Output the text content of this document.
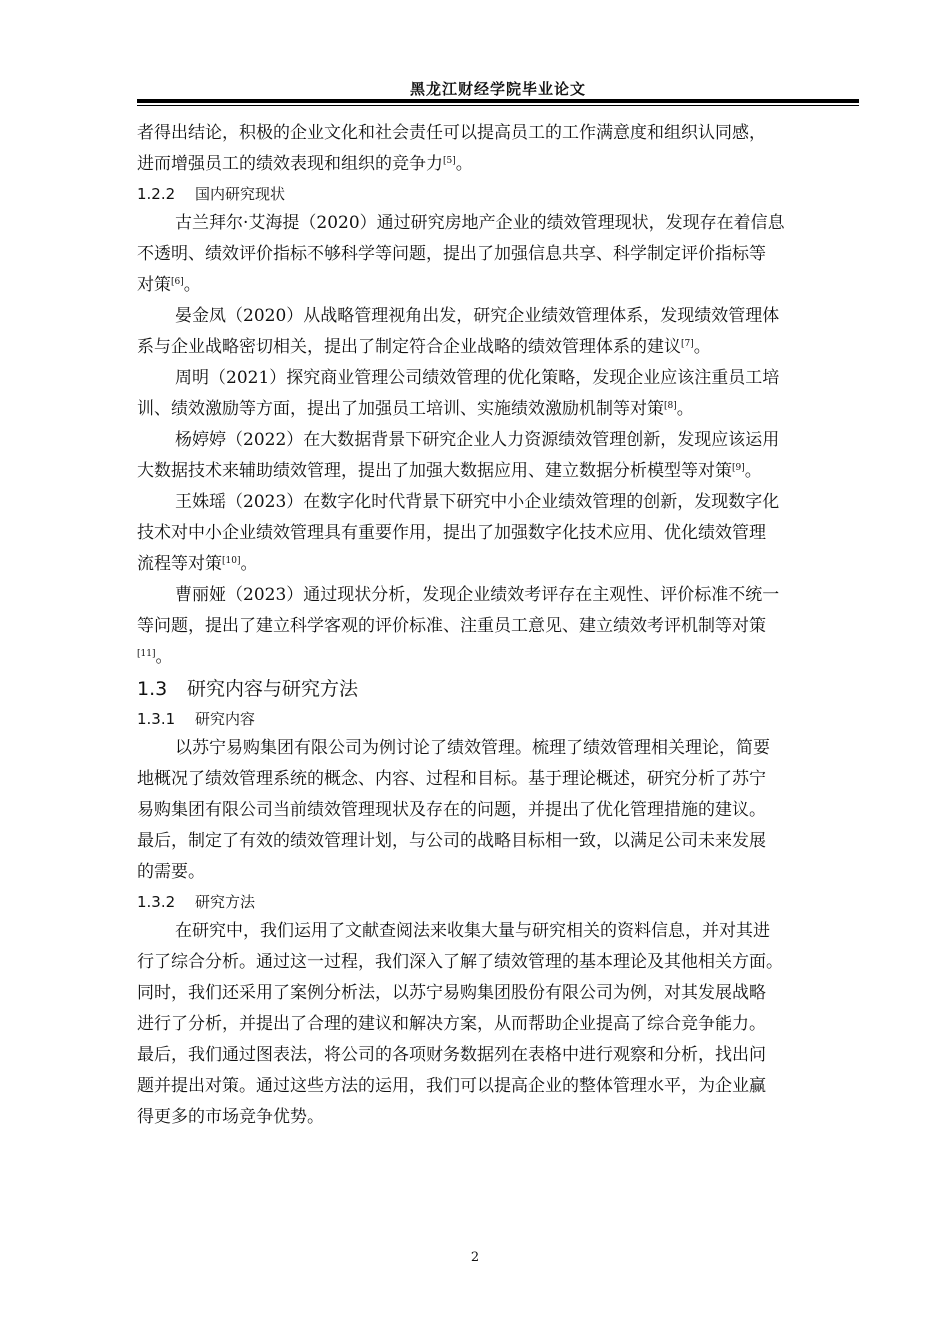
黑龙江财经学院毕业论文
者得出结论，积极的企业文化和社会责任可以提高员工的工作满意度和组织认同感，
进而增强员工的绩效表现和组织的竞争力[5]。
1.2.2 国内研究现状
古兰拜尔·艾海提（2020）通过研究房地产企业的绩效管理现状，发现存在着信息
不透明、绩效评价指标不够科学等问题，提出了加强信息共享、科学制定评价指标等
对策[6]。
晏金凤（2020）从战略管理视角出发，研究企业绩效管理体系，发现绩效管理体
系与企业战略密切相关，提出了制定符合企业战略的绩效管理体系的建议[7]。
周明（2021）探究商业管理公司绩效管理的优化策略，发现企业应该注重员工培
训、绩效激励等方面，提出了加强员工培训、实施绩效激励机制等对策[8]。
杨婷婷（2022）在大数据背景下研究企业人力资源绩效管理创新，发现应该运用
大数据技术来辅助绩效管理，提出了加强大数据应用、建立数据分析模型等对策[9]。
王姝瑶（2023）在数字化时代背景下研究中小企业绩效管理的创新，发现数字化
技术对中小企业绩效管理具有重要作用，提出了加强数字化技术应用、优化绩效管理
流程等对策[10]。
曹丽娅（2023）通过现状分析，发现企业绩效考评存在主观性、评价标准不统一
等问题，提出了建立科学客观的评价标准、注重员工意见、建立绩效考评机制等对策
[11]。
1.3 研究内容与研究方法
1.3.1 研究内容
以苏宁易购集团有限公司为例讨论了绩效管理。梳理了绩效管理相关理论，简要
地概况了绩效管理系统的概念、内容、过程和目标。基于理论概述，研究分析了苏宁
易购集团有限公司当前绩效管理现状及存在的问题，并提出了优化管理措施的建议。
最后，制定了有效的绩效管理计划，与公司的战略目标相一致，以满足公司未来发展
的需要。
1.3.2 研究方法
在研究中，我们运用了文献查阅法来收集大量与研究相关的资料信息，并对其进
行了综合分析。通过这一过程，我们深入了解了绩效管理的基本理论及其他相关方面。
同时，我们还采用了案例分析法，以苏宁易购集团股份有限公司为例，对其发展战略
进行了分析，并提出了合理的建议和解决方案，从而帮助企业提高了综合竞争能力。
最后，我们通过图表法，将公司的各项财务数据列在表格中进行观察和分析，找出问
题并提出对策。通过这些方法的运用，我们可以提高企业的整体管理水平，为企业赢
得更多的市场竞争优势。
2
